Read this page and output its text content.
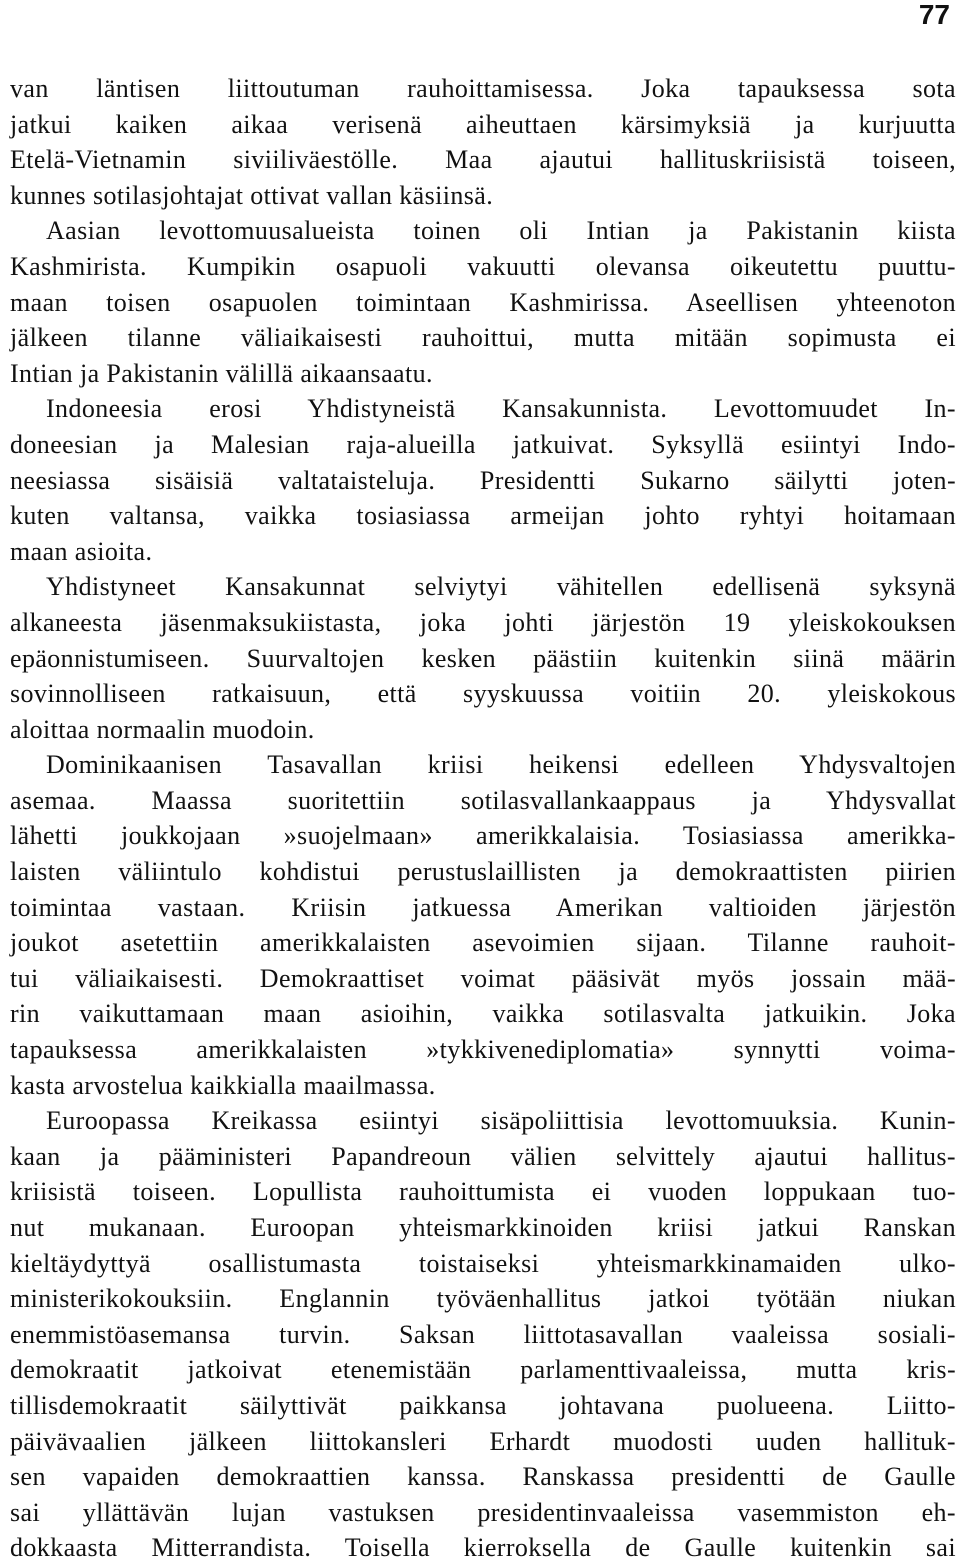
77
van läntisen liittoutuman rauhoittamisessa. Joka tapauksessa sota
jatkui kaiken aikaa verisenä aiheuttaen kärsimyksiä ja kurjuutta
Etelä-Vietnamin siviiliväestölle. Maa ajautui hallituskriisistä toiseen,
kunnes sotilasjohtajat ottivat vallan käsiinsä.
Aasian levottomuusalueista toinen oli Intian ja Pakistanin kiista
Kashmirista. Kumpikin osapuoli vakuutti olevansa oikeutettu puuttu-
maan toisen osapuolen toimintaan Kashmirissa. Aseellisen yhteenoton
jälkeen tilanne väliaikaisesti rauhoittui, mutta mitään sopimusta ei
Intian ja Pakistanin välillä aikaansaatu.
Indoneesia erosi Yhdistyneistä Kansakunnista. Levottomuudet In-
doneesian ja Malesian raja-alueilla jatkuivat. Syksyllä esiintyi Indo-
neesiassa sisäisiä valtataisteluja. Presidentti Sukarno säilytti joten-
kuten valtansa, vaikka tosiasiassa armeijan johto ryhtyi hoitamaan
maan asioita.
Yhdistyneet Kansakunnat selviytyi vähitellen edellisenä syksynä
alkaneesta jäsenmaksukiistasta, joka johti järjestön 19 yleiskokouksen
epäonnistumiseen. Suurvaltojen kesken päästiin kuitenkin siinä määrin
sovinnolliseen ratkaisuun, että syyskuussa voitiin 20. yleiskokous
aloittaa normaalin muodoin.
Dominikaanisen Tasavallan kriisi heikensi edelleen Yhdysvaltojen
asemaa. Maassa suoritettiin sotilasvallankaappaus ja Yhdysvallat
lähetti joukkojaan »suojelmaan» amerikkalaisia. Tosiasiassa amerikka-
laisten väliintulo kohdistui perustuslaillisten ja demokraattisten piirien
toimintaa vastaan. Kriisin jatkuessa Amerikan valtioiden järjestön
joukot asetettiin amerikkalaisten asevoimien sijaan. Tilanne rauhoit-
tui väliaikaisesti. Demokraattiset voimat pääsivät myös jossain mää-
rin vaikuttamaan maan asioihin, vaikka sotilasvalta jatkuikin. Joka
tapauksessa amerikkalaisten »tykkivenediplomatia» synnytti voima-
kasta arvostelua kaikkialla maailmassa.
Euroopassa Kreikassa esiintyi sisäpoliittisia levottomuuksia. Kunin-
kaan ja pääministeri Papandreoun välien selvittely ajautui hallitus-
kriisistä toiseen. Lopullista rauhoittumista ei vuoden loppukaan tuo-
nut mukanaan. Euroopan yhteismarkkinoiden kriisi jatkui Ranskan
kieltäydyttyä osallistumasta toistaiseksi yhteismarkkinamaiden ulko-
ministerikokouksiin. Englannin työväenhallitus jatkoi työtään niukan
enemmistöasemansa turvin. Saksan liittotasavallan vaaleissa sosiali-
demokraatit jatkoivat etenemistään parlamenttivaaleissa, mutta kris-
tillisdemokraatit säilyttivät paikkansa johtavana puolueena. Liitto-
päivävaalien jälkeen liittokansleri Erhardt muodosti uuden hallituk-
sen vapaiden demokraattien kanssa. Ranskassa presidentti de Gaulle
sai yllättävän lujan vastuksen presidentinvaaleissa vasemmiston eh-
dokkaasta Mitterrandista. Toisella kierroksella de Gaulle kuitenkin sai
